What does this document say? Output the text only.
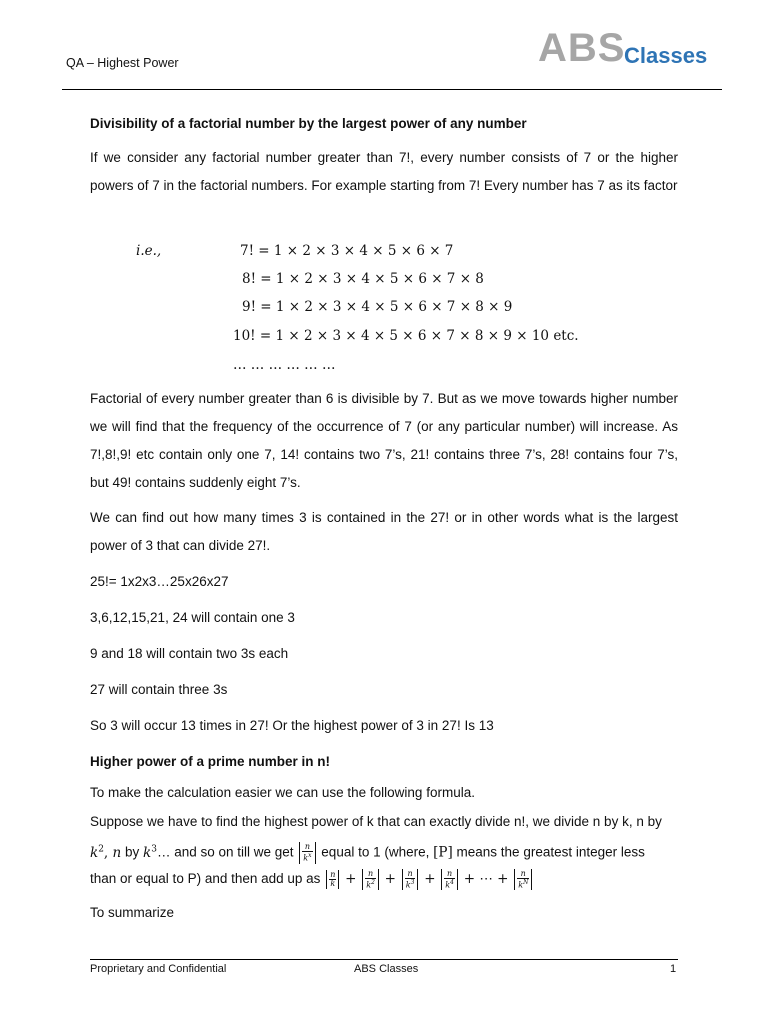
QA – Highest Power	ABS
Classes

Divisibility of a factorial number by the largest power of any number

If we consider any factorial number greater than 7!, every number consists of 7 or the higher powers of 7 in the factorial numbers. For example starting from 7! Every number has 7 as its factor

i.e.,	7! = 1 × 2 × 3 × 4 × 5 × 6 × 7
8! = 1 × 2 × 3 × 4 × 5 × 6 × 7 × 8
9! = 1 × 2 × 3 × 4 × 5 × 6 × 7 × 8 × 9
10! = 1 × 2 × 3 × 4 × 5 × 6 × 7 × 8 × 9 × 10 etc.
… … … … … …

Factorial of every number greater than 6 is divisible by 7. But as we move towards higher number we will find that the frequency of the occurrence of 7 (or any particular number) will increase. As 7!,8!,9! etc contain only one 7, 14! contains two 7’s, 21! contains three 7’s, 28! contains four 7’s, but 49! contains suddenly eight 7’s.

We can find out how many times 3 is contained in the 27! or in other words what is the largest power of 3 that can divide 27!.

25!= 1x2x3…25x26x27

3,6,12,15,21, 24 will contain one 3

9 and 18 will contain two 3s each

27 will contain three 3s

So 3 will occur 13 times in 27! Or the highest power of 3 in 27! Is 13

Higher power of a prime number in n!

To make the calculation easier we can use the following formula.

Suppose we have to find the highest power of k that can exactly divide n!, we divide n by k, n by

$k^2$, n by $k^3\dots$ and so on till we get $\frac{n}{k^x}$ equal to 1 (where, [P] means the greatest integer less

than or equal to P) and then add up as $\frac{n}{k} + \frac{n}{k^2} + \frac{n}{k^3} + \frac{n}{k^4}$ + ⋯ + $\frac{n}{k^N}$

To summarize

Proprietary and Confidential	ABS Classes	1
